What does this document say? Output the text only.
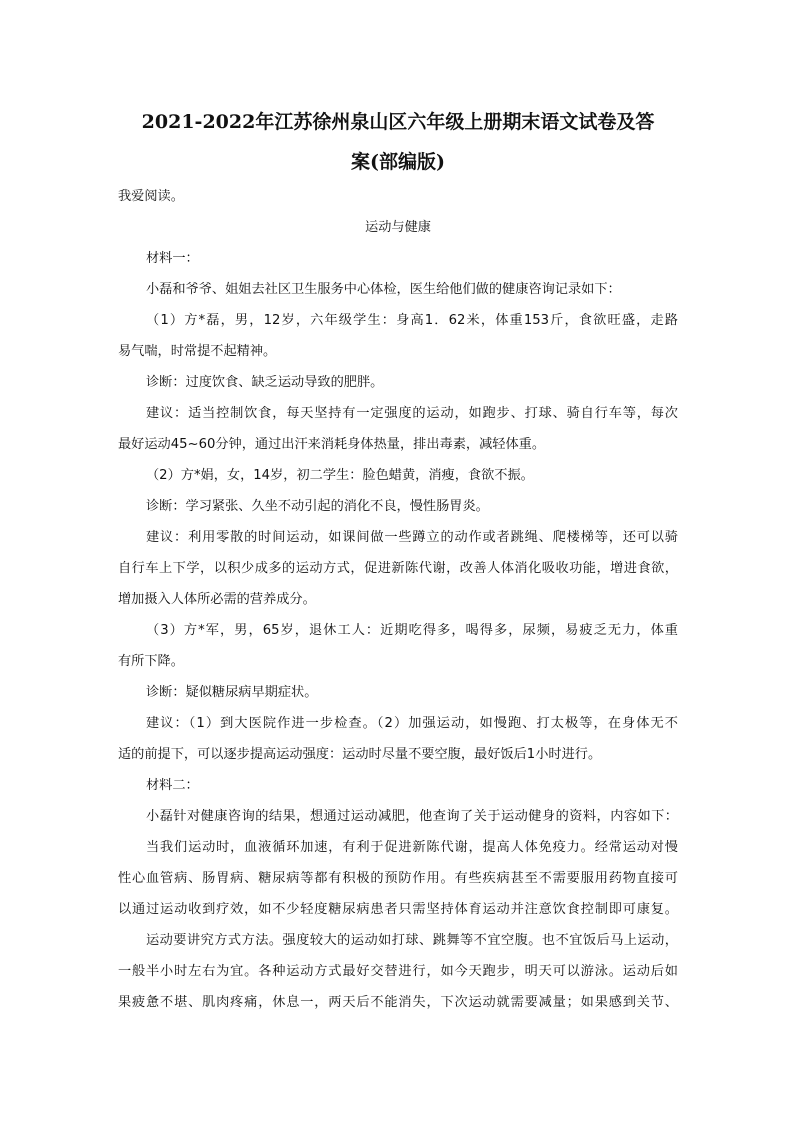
2021-2022年江苏徐州泉山区六年级上册期末语文试卷及答
案(部编版)

我爱阅读。

运动与健康

材料一：

小磊和爷爷、姐姐去社区卫生服务中心体检，医生给他们做的健康咨询记录如下：

（1）方*磊，男，12岁，六年级学生：身高1．62米，体重153斤，食欲旺盛，走路

易气喘，时常提不起精神。

诊断：过度饮食、缺乏运动导致的肥胖。

建议：适当控制饮食，每天坚持有一定强度的运动，如跑步、打球、骑自行车等，每次

最好运动45~60分钟，通过出汗来消耗身体热量，排出毒素，减轻体重。

（2）方*娟，女，14岁，初二学生：脸色蜡黄，消瘦，食欲不振。

诊断：学习紧张、久坐不动引起的消化不良，慢性肠胃炎。

建议：利用零散的时间运动，如课间做一些蹲立的动作或者跳绳、爬楼梯等，还可以骑

自行车上下学，以积少成多的运动方式，促进新陈代谢，改善人体消化吸收功能，增进食欲，

增加摄入人体所必需的营养成分。

（3）方*军，男，65岁，退休工人：近期吃得多，喝得多，尿频，易疲乏无力，体重

有所下降。

诊断：疑似糖尿病早期症状。

建议：（1）到大医院作进一步检查。（2）加强运动，如慢跑、打太极等，在身体无不

适的前提下，可以逐步提高运动强度：运动时尽量不要空腹，最好饭后1小时进行。

材料二：

小磊针对健康咨询的结果，想通过运动减肥，他查询了关于运动健身的资料，内容如下：

当我们运动时，血液循环加速，有利于促进新陈代谢，提高人体免疫力。经常运动对慢

性心血管病、肠胃病、糖尿病等都有积极的预防作用。有些疾病甚至不需要服用药物直接可

以通过运动收到疗效，如不少轻度糖尿病患者只需坚持体育运动并注意饮食控制即可康复。

运动要讲究方式方法。强度较大的运动如打球、跳舞等不宜空腹。也不宜饭后马上运动，

一般半小时左右为宜。各种运动方式最好交替进行，如今天跑步，明天可以游泳。运动后如

果疲惫不堪、肌肉疼痛，休息一，两天后不能消失，下次运动就需要减量；如果感到关节、
